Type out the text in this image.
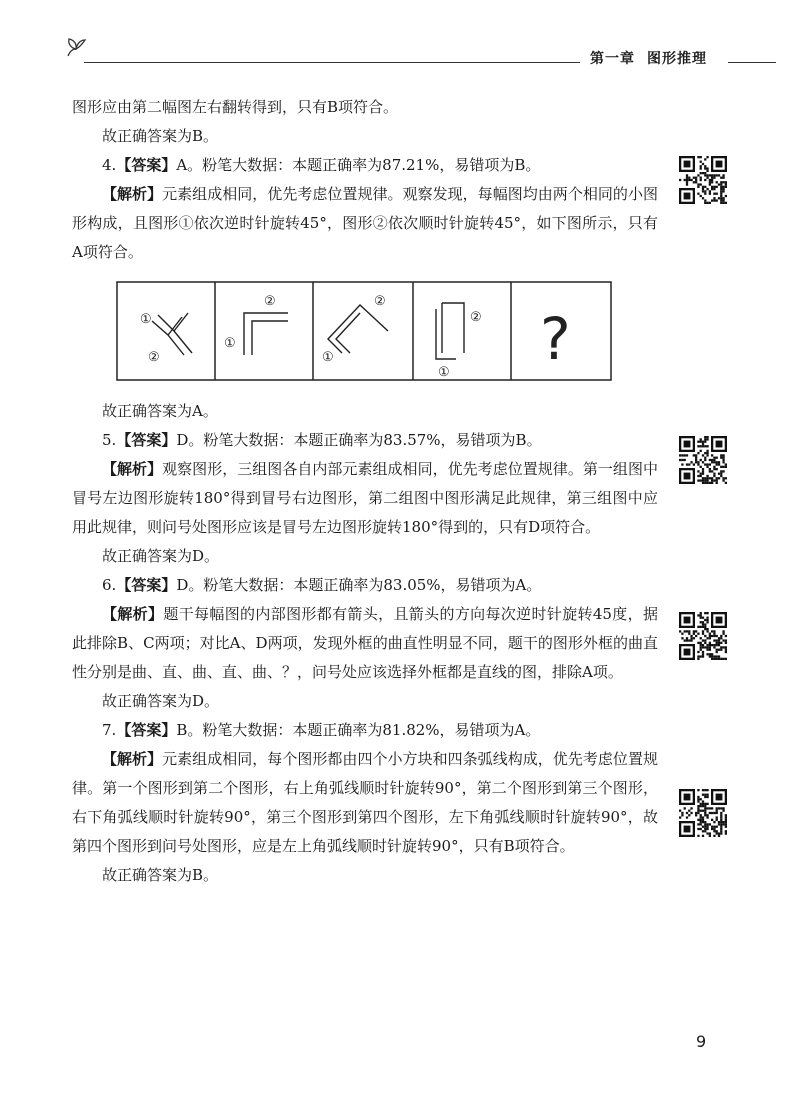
第一章 图形推理

图形应由第二幅图左右翻转得到，只有B项符合。

故正确答案为B。

4.【答案】A。粉笔大数据：本题正确率为87.21%，易错项为B。

【解析】元素组成相同，优先考虑位置规律。观察发现，每幅图均由两个相同的小图形构成，且图形①依次逆时针旋转45°，图形②依次顺时针旋转45°，如下图所示，只有A项符合。

①
②
①
②
①
②
②
① ?

故正确答案为A。

5.【答案】D。粉笔大数据：本题正确率为83.57%，易错项为B。

【解析】观察图形，三组图各自内部元素组成相同，优先考虑位置规律。第一组图中冒号左边图形旋转180°得到冒号右边图形，第二组图中图形满足此规律，第三组图中应用此规律，则问号处图形应该是冒号左边图形旋转180°得到的，只有D项符合。

故正确答案为D。

6.【答案】D。粉笔大数据：本题正确率为83.05%，易错项为A。

【解析】题干每幅图的内部图形都有箭头，且箭头的方向每次逆时针旋转45度，据此排除B、C两项；对比A、D两项，发现外框的曲直性明显不同，题干的图形外框的曲直性分别是曲、直、曲、直、曲、？，问号处应该选择外框都是直线的图，排除A项。

故正确答案为D。

7.【答案】B。粉笔大数据：本题正确率为81.82%，易错项为A。

【解析】元素组成相同，每个图形都由四个小方块和四条弧线构成，优先考虑位置规律。第一个图形到第二个图形，右上角弧线顺时针旋转90°，第二个图形到第三个图形，右下角弧线顺时针旋转90°，第三个图形到第四个图形，左下角弧线顺时针旋转90°，故第四个图形到问号处图形，应是左上角弧线顺时针旋转90°，只有B项符合。

故正确答案为B。

9
